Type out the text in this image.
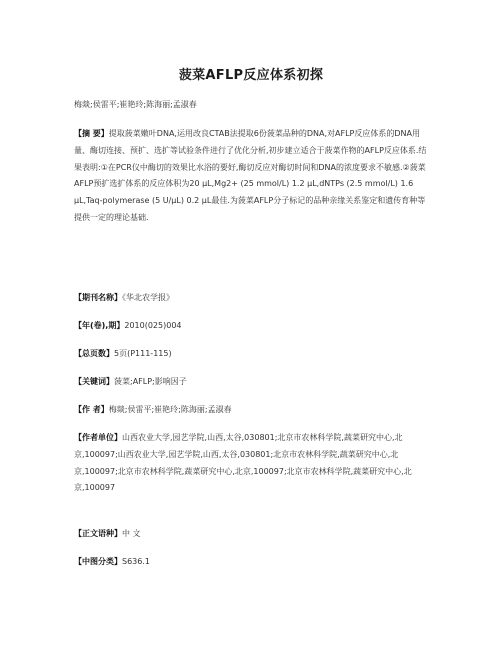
菠菜AFLP反应体系初探
梅燚;侯雷平;崔艳玲;陈海丽;孟淑春
【摘 要】提取菠菜嫩叶DNA,运用改良CTAB法提取6份菠菜品种的DNA,对AFLP反应体系的DNA用量、酶切连接、预扩、选扩等试验条件进行了优化分析,初步建立适合于菠菜作物的AFLP反应体系.结果表明:①在PCR仪中酶切的效果比水浴的要好,酶切反应对酶切时间和DNA的浓度要求不敏感.②菠菜AFLP预扩选扩体系的反应体积为20 μL,Mg2+ (25 mmol/L) 1.2 μL,dNTPs (2.5 mmol/L) 1.6 μL,Taq-polymerase (5 U/μL) 0.2 μL最佳.为菠菜AFLP分子标记的品种亲缘关系鉴定和遗传育种等提供一定的理论基础.
【期刊名称】《华北农学报》
【年(卷),期】2010(025)004
【总页数】5页(P111-115)
【关键词】菠菜;AFLP;影响因子
【作 者】梅燚;侯雷平;崔艳玲;陈海丽;孟淑春
【作者单位】山西农业大学,园艺学院,山西,太谷,030801;北京市农林科学院,蔬菜研究中心,北京,100097;山西农业大学,园艺学院,山西,太谷,030801;北京市农林科学院,蔬菜研究中心,北京,100097;北京市农林科学院,蔬菜研究中心,北京,100097;北京市农林科学院,蔬菜研究中心,北京,100097
【正文语种】中 文
【中图分类】S636.1
